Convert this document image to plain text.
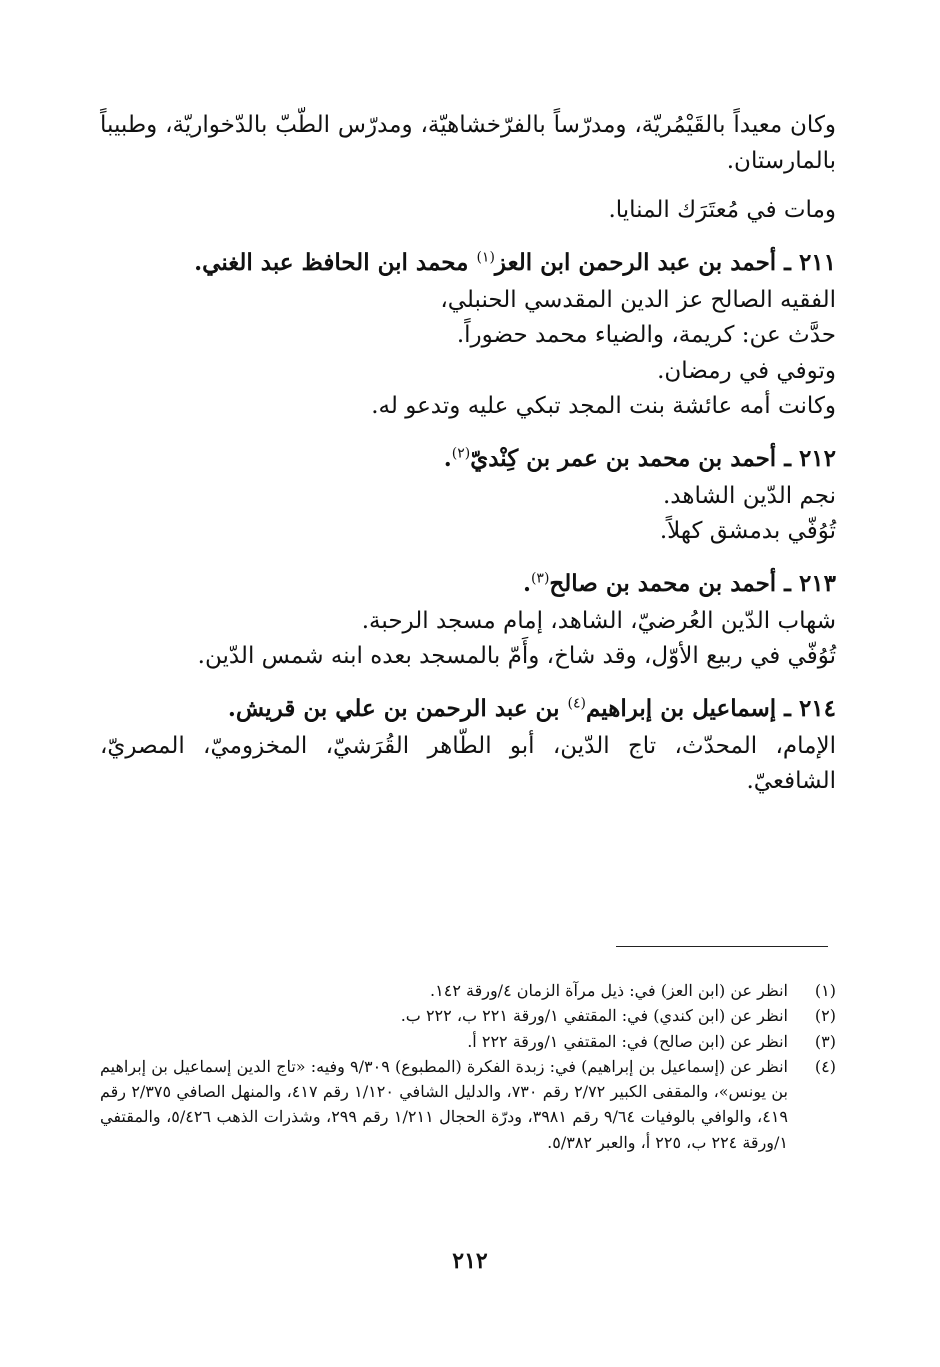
وكان معيداً بالقَيْمُريّة، ومدرّساً بالفرّخشاهيّة، ومدرّس الطّبّ بالدّخواريّة، وطبيباً بالمارستان.

ومات في مُعتَرَك المنايا.

٢١١ ـ أحمد بن عبد الرحمن ابن العز$^{(١)}$ محمد ابن الحافظ عبد الغني.

الفقيه الصالح عز الدين المقدسي الحنبلي،

حدَّث عن: كريمة، والضياء محمد حضوراً.

وتوفي في رمضان.

وكانت أمه عائشة بنت المجد تبكي عليه وتدعو له.

٢١٢ ـ أحمد بن محمد بن عمر بن كِنْديّ$^{(٢)}$.

نجم الدّين الشاهد.

تُوُفّي بدمشق كهلاً.

٢١٣ ـ أحمد بن محمد بن صالح$^{(٣)}$.

شهاب الدّين العُرضيّ، الشاهد، إمام مسجد الرحبة.

تُوُفّي في ربيع الأوّل، وقد شاخ، وأَمّ بالمسجد بعده ابنه شمس الدّين.

٢١٤ ـ إسماعيل بن إبراهيم$^{(٤)}$ بن عبد الرحمن بن علي بن قريش.

الإمام، المحدّث، تاج الدّين، أبو الطّاهر القُرَشيّ، المخزوميّ، المصريّ، الشافعيّ.

(١)
انظر عن (ابن العز) في: ذيل مرآة الزمان ٤/ورقة ١٤٢.
(٢)
انظر عن (ابن كندي) في: المقتفي ١/ورقة ٢٢١ ب، ٢٢٢ ب.
(٣)
انظر عن (ابن صالح) في: المقتفي ١/ورقة ٢٢٢ أ.
(٤)
انظر عن (إسماعيل بن إبراهيم) في: زبدة الفكرة (المطبوع) ٩/٣٠٩ وفيه: «تاج الدين إسماعيل بن إبراهيم بن يونس»، والمقفى الكبير ٢/٧٢ رقم ٧٣٠، والدليل الشافي ١/١٢٠ رقم ٤١٧، والمنهل الصافي ٢/٣٧٥ رقم ٤١٩، والوافي بالوفيات ٩/٦٤ رقم ٣٩٨١، ودرّة الحجال ١/٢١١ رقم ٢٩٩، وشذرات الذهب ٥/٤٢٦، والمقتفي ١/ورقة ٢٢٤ ب، ٢٢٥ أ، والعبر ٥/٣٨٢.
٢١٢
